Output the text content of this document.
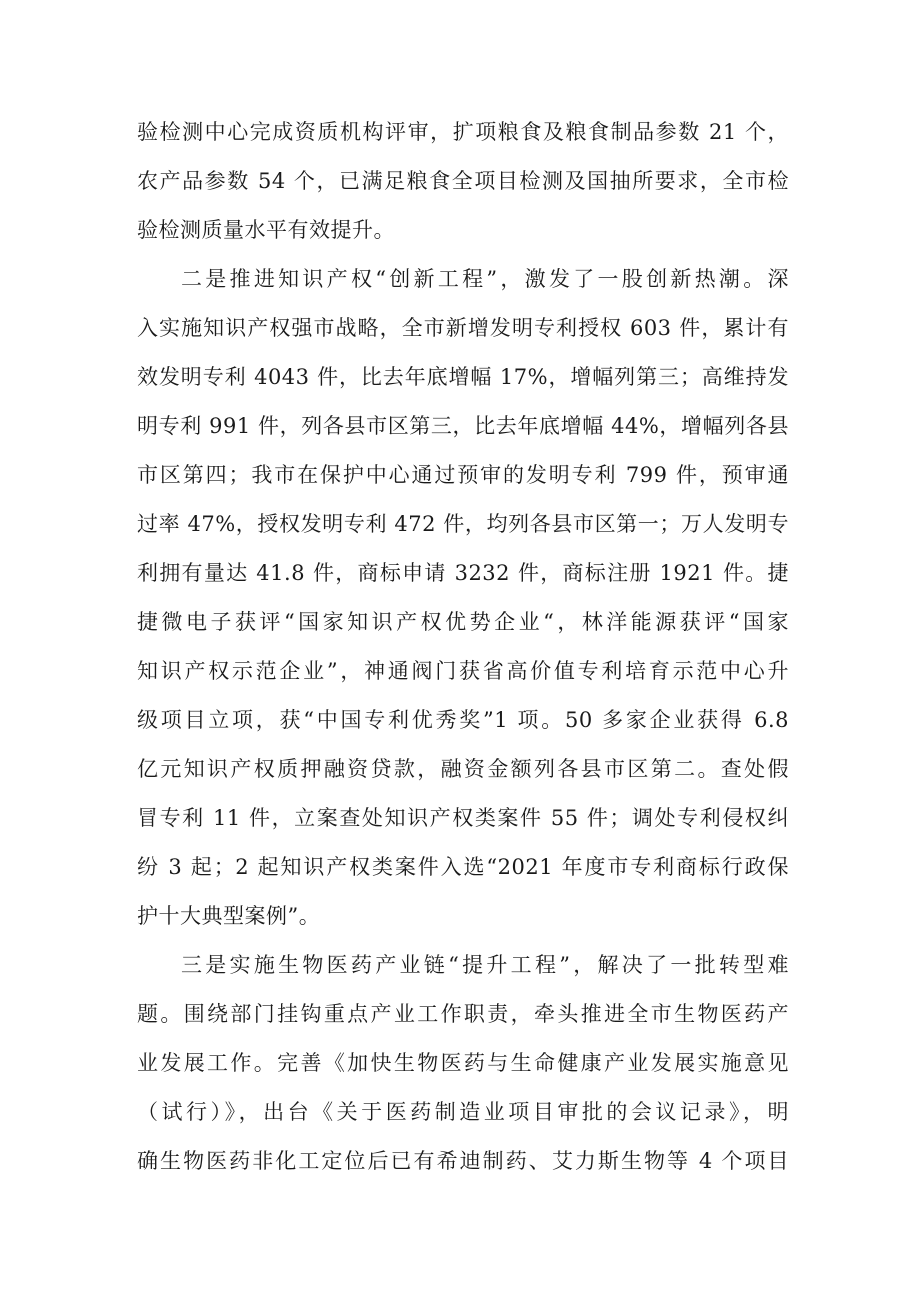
验检测中心完成资质机构评审，扩项粮食及粮食制品参数 21 个，
农产品参数 54 个，已满足粮食全项目检测及国抽所要求，全市检
验检测质量水平有效提升。
二是推进知识产权“创新工程”，激发了一股创新热潮。深
入实施知识产权强市战略，全市新增发明专利授权 603 件，累计有
效发明专利 4043 件，比去年底增幅 17%，增幅列第三；高维持发
明专利 991 件，列各县市区第三，比去年底增幅 44%，增幅列各县
市区第四；我市在保护中心通过预审的发明专利 799 件，预审通
过率 47%，授权发明专利 472 件，均列各县市区第一；万人发明专
利拥有量达 41.8 件，商标申请 3232 件，商标注册 1921 件。捷
捷微电子获评“国家知识产权优势企业“，林洋能源获评“国家
知识产权示范企业”，神通阀门获省高价值专利培育示范中心升
级项目立项，获“中国专利优秀奖”1 项。50 多家企业获得 6.8
亿元知识产权质押融资贷款，融资金额列各县市区第二。查处假
冒专利 11 件，立案查处知识产权类案件 55 件；调处专利侵权纠
纷 3 起；2 起知识产权类案件入选“2021 年度市专利商标行政保
护十大典型案例”。
三是实施生物医药产业链“提升工程”，解决了一批转型难
题。围绕部门挂钩重点产业工作职责，牵头推进全市生物医药产
业发展工作。完善《加快生物医药与生命健康产业发展实施意见
（试行）》，出台《关于医药制造业项目审批的会议记录》，明
确生物医药非化工定位后已有希迪制药、艾力斯生物等 4 个项目
